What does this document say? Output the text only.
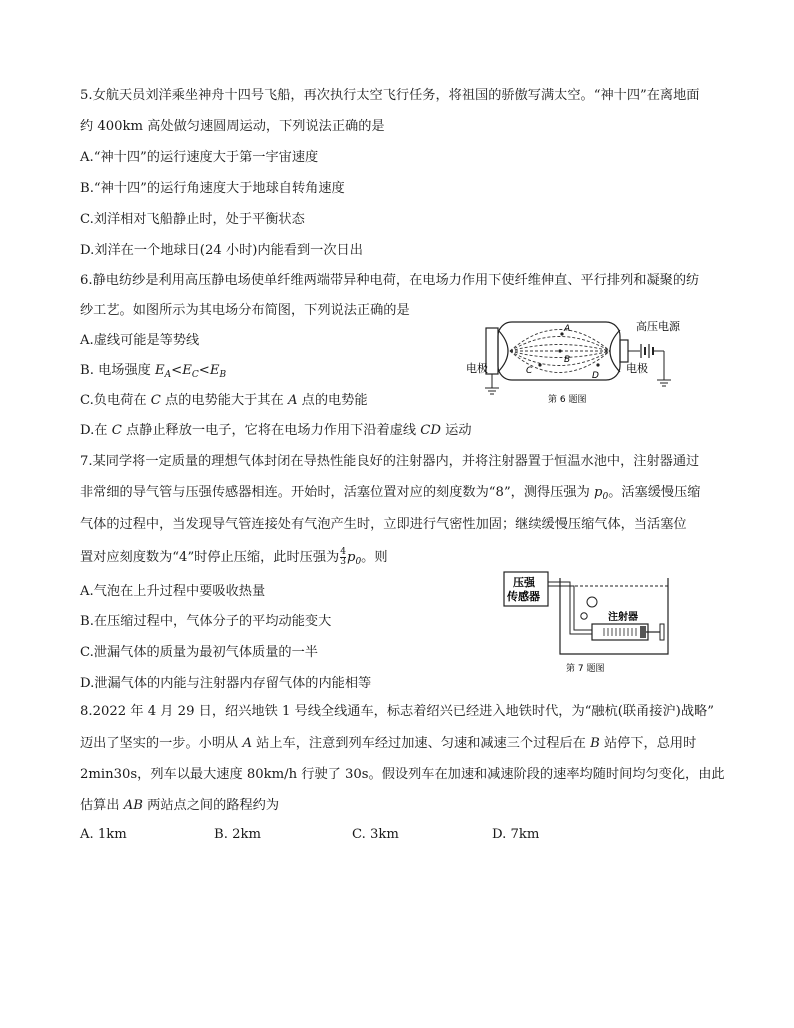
5.女航天员刘洋乘坐神舟十四号飞船，再次执行太空飞行任务，将祖国的骄傲写满太空。“神十四”在离地面
约 400km 高处做匀速圆周运动，下列说法正确的是
A.“神十四”的运行速度大于第一宇宙速度
B.“神十四”的运行角速度大于地球自转角速度
C.刘洋相对飞船静止时，处于平衡状态
D.刘洋在一个地球日(24 小时)内能看到一次日出
6.静电纺纱是利用高压静电场使单纤维两端带异种电荷，在电场力作用下使纤维伸直、平行排列和凝聚的纺
纱工艺。如图所示为其电场分布简图，下列说法正确的是
A.虚线可能是等势线
B. 电场强度 $E_A<E_C<E_B$
C.负电荷在 C 点的电势能大于其在 A 点的电势能
D.在 C 点静止释放一电子，它将在电场力作用下沿着虚线 CD 运动
A
B
C	D
高压电源
电极	电极
第 6 题图
7.某同学将一定质量的理想气体封闭在导热性能良好的注射器内，并将注射器置于恒温水池中，注射器通过
非常细的导气管与压强传感器相连。开始时，活塞位置对应的刻度数为“8”，测得压强为 $p_0$。活塞缓慢压缩
气体的过程中，当发现导气管连接处有气泡产生时，立即进行气密性加固；继续缓慢压缩气体，当活塞位
置对应刻度数为“4”时停止压缩，此时压强为 $\frac{4}{3} p_0$。则
A.气泡在上升过程中要吸收热量
B.在压缩过程中，气体分子的平均动能变大
C.泄漏气体的质量为最初气体质量的一半
D.泄漏气体的内能与注射器内存留气体的内能相等
压强
传感器
注射器
第 7 题图
8.2022 年 4 月 29 日，绍兴地铁 1 号线全线通车，标志着绍兴已经进入地铁时代，为“融杭(联甬接沪)战略”
迈出了坚实的一步。小明从 A 站上车，注意到列车经过加速、匀速和减速三个过程后在 B 站停下，总用时
2min30s，列车以最大速度 80km/h 行驶了 30s。假设列车在加速和减速阶段的速率均随时间均匀变化，由此
估算出 AB 两站点之间的路程约为
A. 1km	B. 2km	C. 3km	D. 7km
